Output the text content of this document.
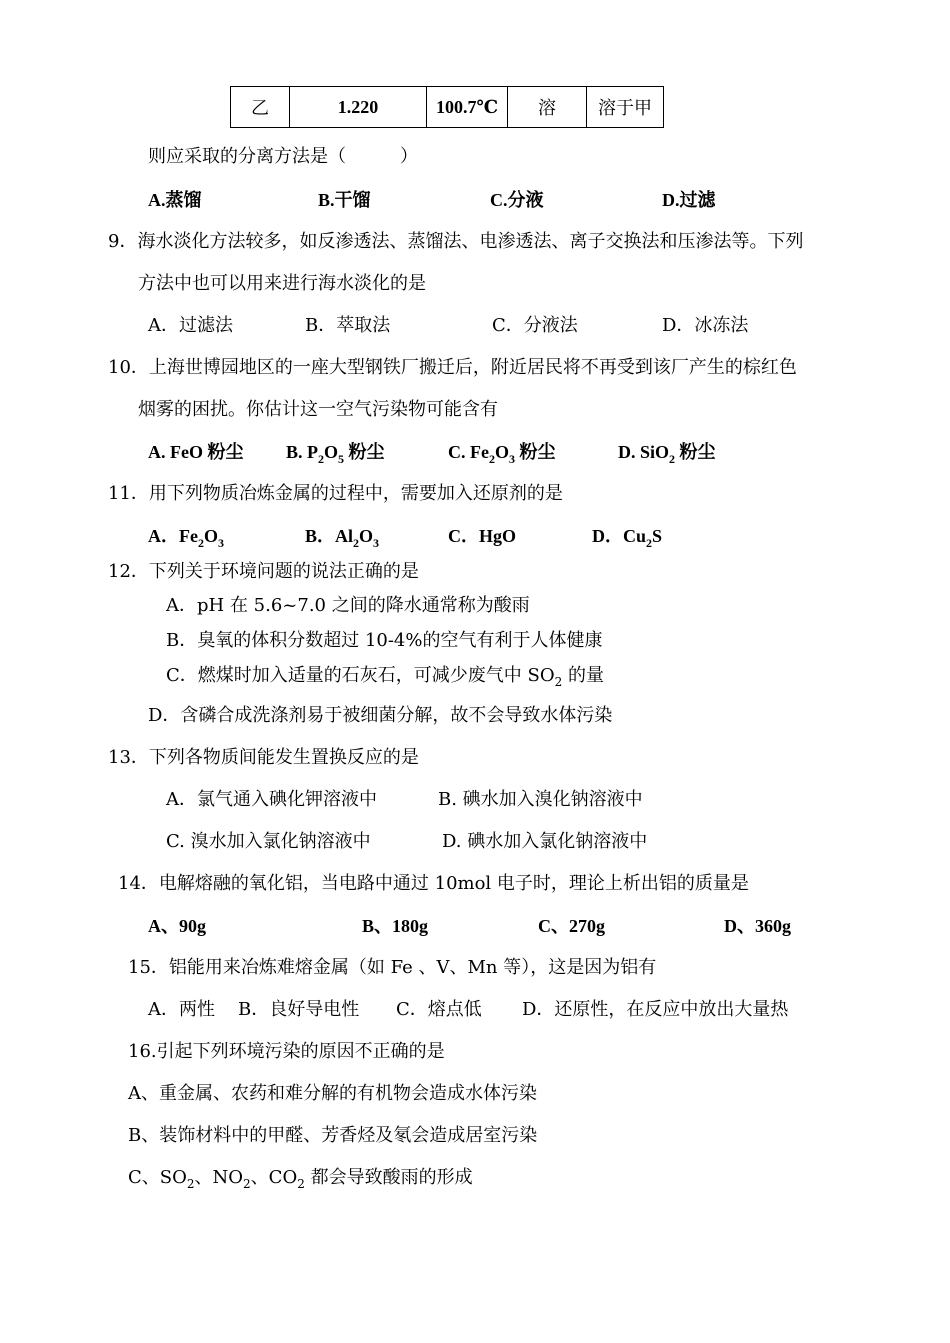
乙	1.220	100.7℃	溶	溶于甲
则应采取的分离方法是（　　　）
A.蒸馏	B.干馏	C.分液	D.过滤
9．海水淡化方法较多，如反渗透法、蒸馏法、电渗透法、离子交换法和压渗法等。下列
方法中也可以用来进行海水淡化的是
A．过滤法	B．萃取法	C．分液法	D．冰冻法
10．上海世博园地区的一座大型钢铁厂搬迁后，附近居民将不再受到该厂产生的棕红色
烟雾的困扰。你估计这一空气污染物可能含有
A. FeO 粉尘 B. $P_2O_5$ 粉尘	C. $Fe_2O_3$ 粉尘	D. SiO$_2$ 粉尘
11．用下列物质冶炼金属的过程中，需要加入还原剂的是
A．$Fe_2O_3$	B．$Al_2O_3$	C．HgO	D．$Cu_2S$
12．下列关于环境问题的说法正确的是
A．pH 在 5.6~7.0 之间的降水通常称为酸雨
B．臭氧的体积分数超过 10-4%的空气有利于人体健康
C．燃煤时加入适量的石灰石，可减少废气中 $SO_2$ 的量
D．含磷合成洗涤剂易于被细菌分解，故不会导致水体污染
13．下列各物质间能发生置换反应的是
A．氯气通入碘化钾溶液中	B. 碘水加入溴化钠溶液中
C. 溴水加入氯化钠溶液中	D. 碘水加入氯化钠溶液中
14．电解熔融的氧化铝，当电路中通过 10mol 电子时，理论上析出铝的质量是
A、90g	B、180g	C、270g	D、360g
15．铝能用来冶炼难熔金属（如 Fe 、V、Mn 等），这是因为铝有
A．两性 B．良好导电性 C．熔点低 D．还原性，在反应中放出大量热
16.引起下列环境污染的原因不正确的是
A、重金属、农药和难分解的有机物会造成水体污染
B、装饰材料中的甲醛、芳香烃及氡会造成居室污染
C、$SO_2$、$NO_2$、$CO_2$ 都会导致酸雨的形成
